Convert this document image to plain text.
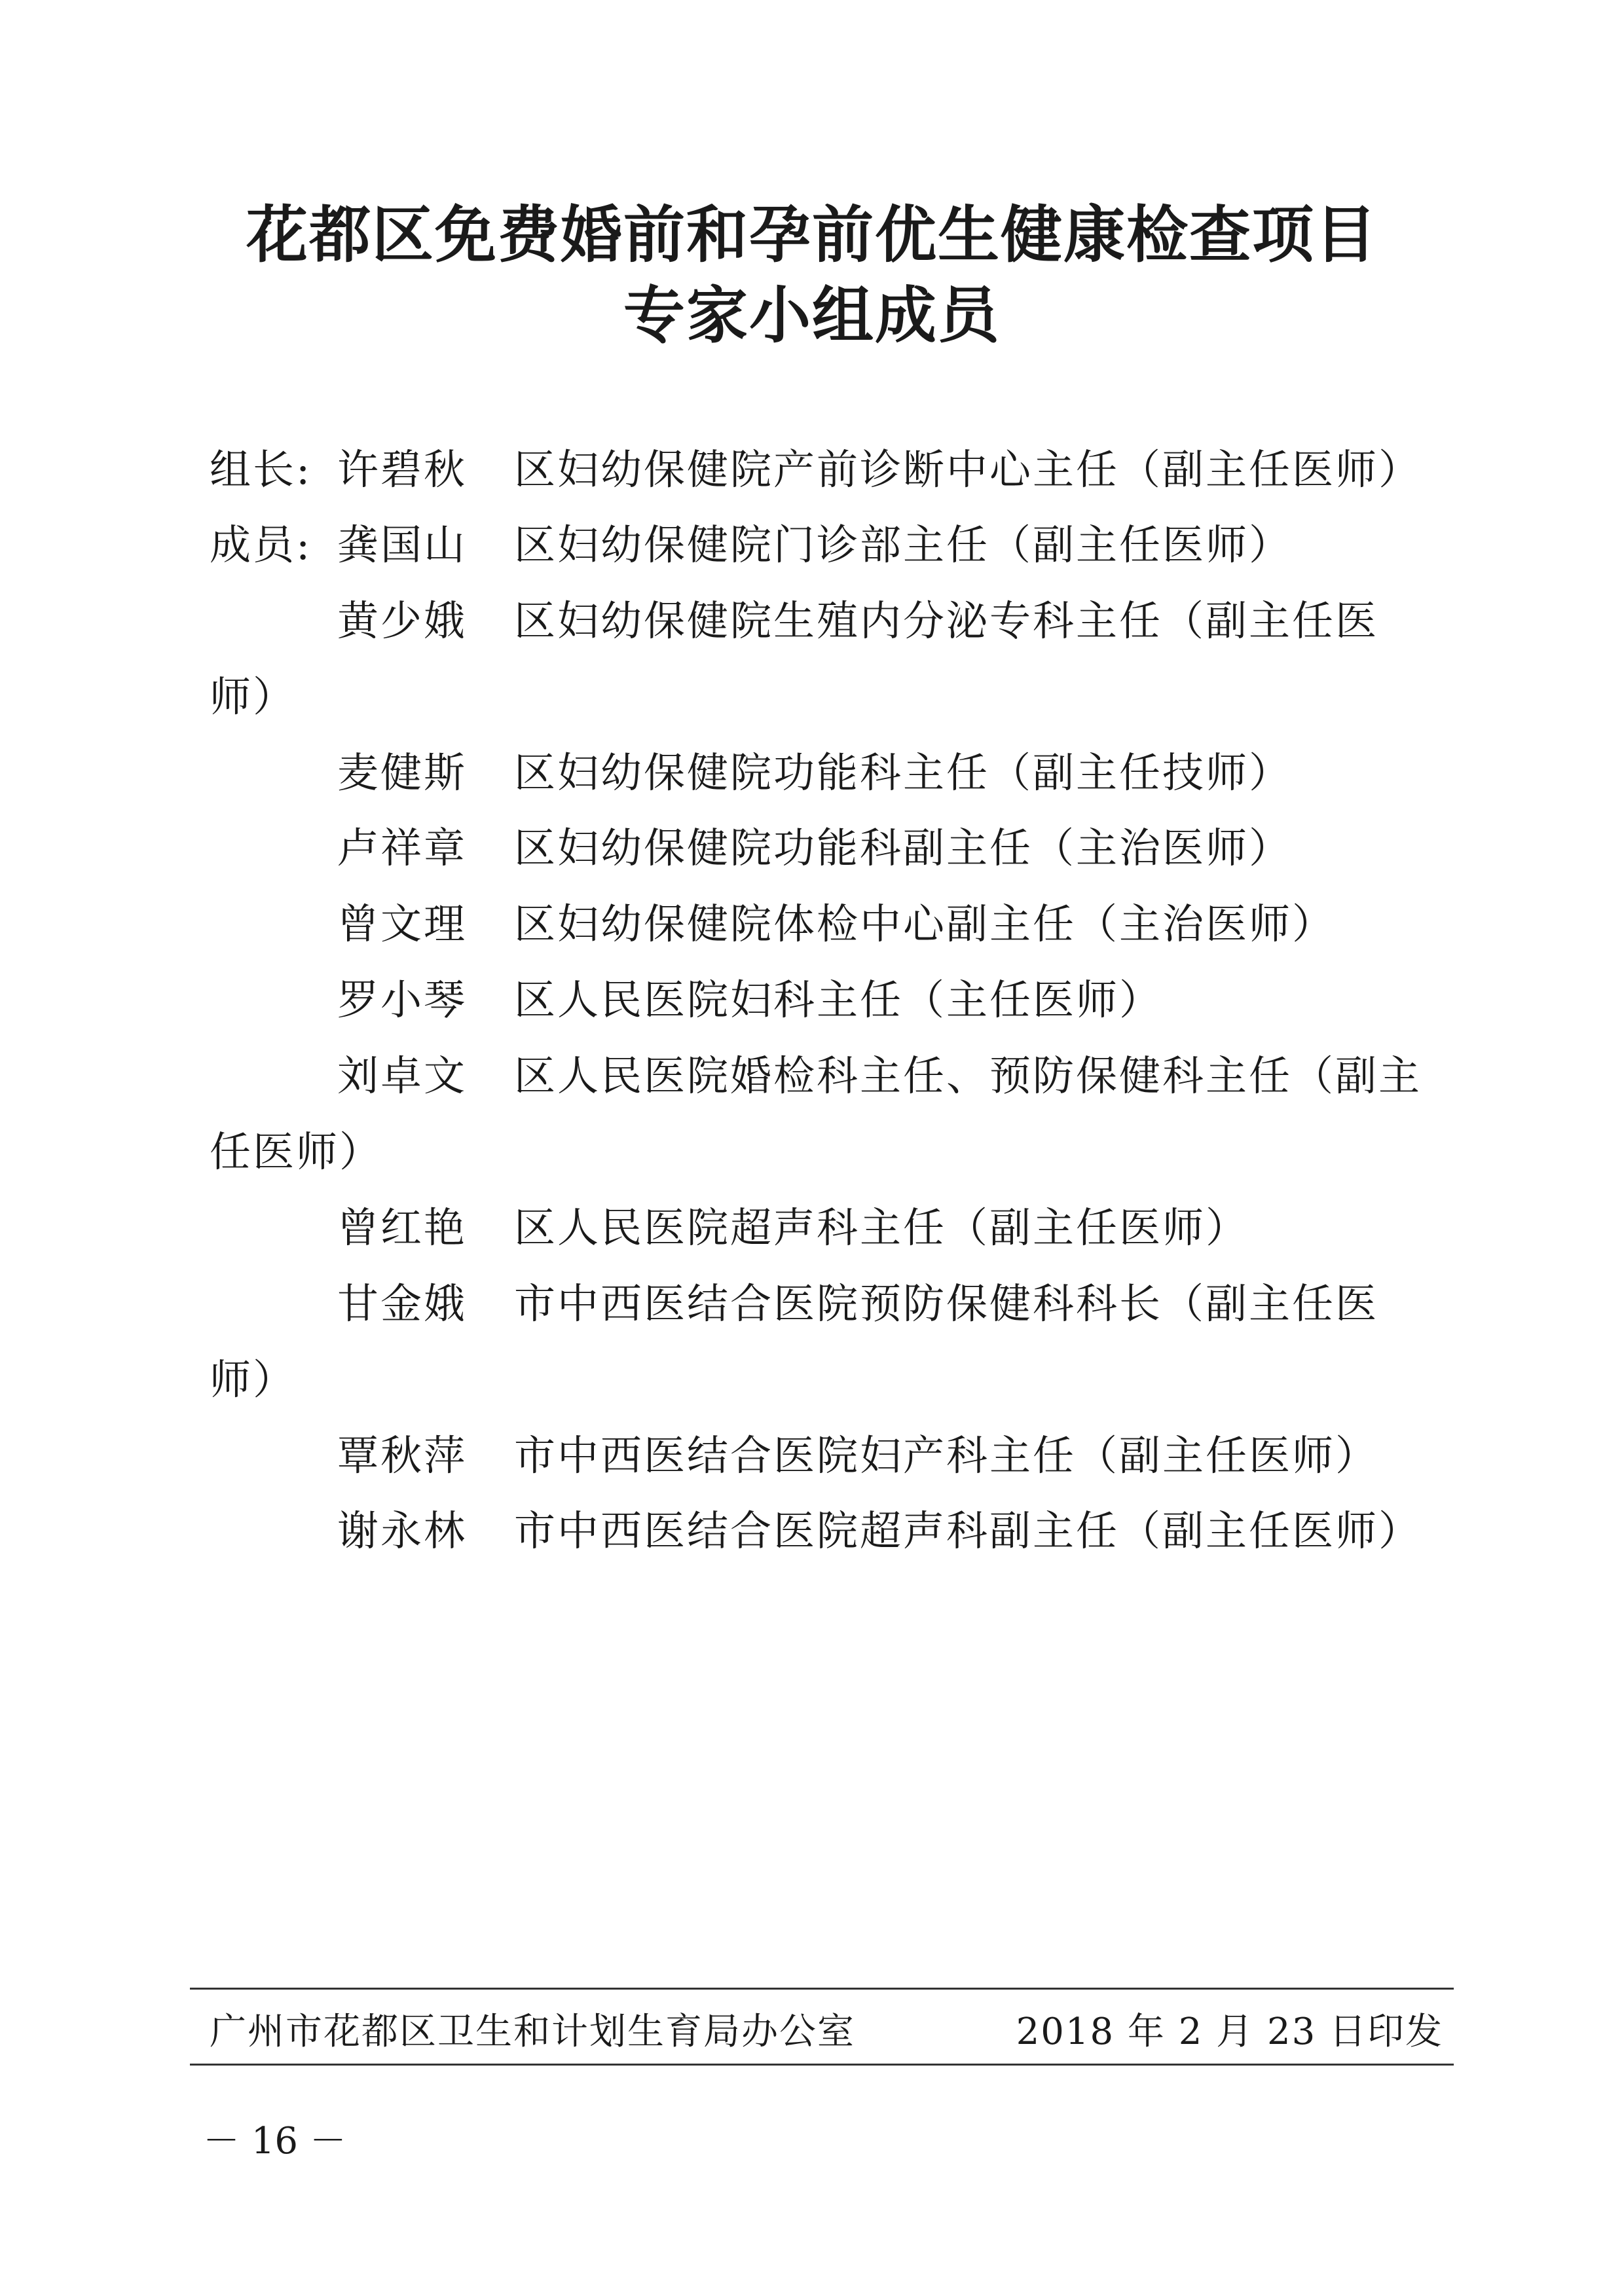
花都区免费婚前和孕前优生健康检查项目
专家小组成员
组长: 许碧秋 区妇幼保健院产前诊断中心主任（副主任医师）
成员: 龚国山 区妇幼保健院门诊部主任（副主任医师）
黄少娥 区妇幼保健院生殖内分泌专科主任（副主任医
师）
麦健斯 区妇幼保健院功能科主任（副主任技师）
卢祥章 区妇幼保健院功能科副主任（主治医师）
曾文理 区妇幼保健院体检中心副主任（主治医师）
罗小琴 区人民医院妇科主任（主任医师）
刘卓文 区人民医院婚检科主任、预防保健科主任（副主
任医师）
曾红艳 区人民医院超声科主任（副主任医师）
甘金娥 市中西医结合医院预防保健科科长（副主任医
师）
覃秋萍 市中西医结合医院妇产科主任（副主任医师）
谢永林 市中西医结合医院超声科副主任（副主任医师）
广州市花都区卫生和计划生育局办公室	2018 年 2 月 23 日印发
－ 16 －
